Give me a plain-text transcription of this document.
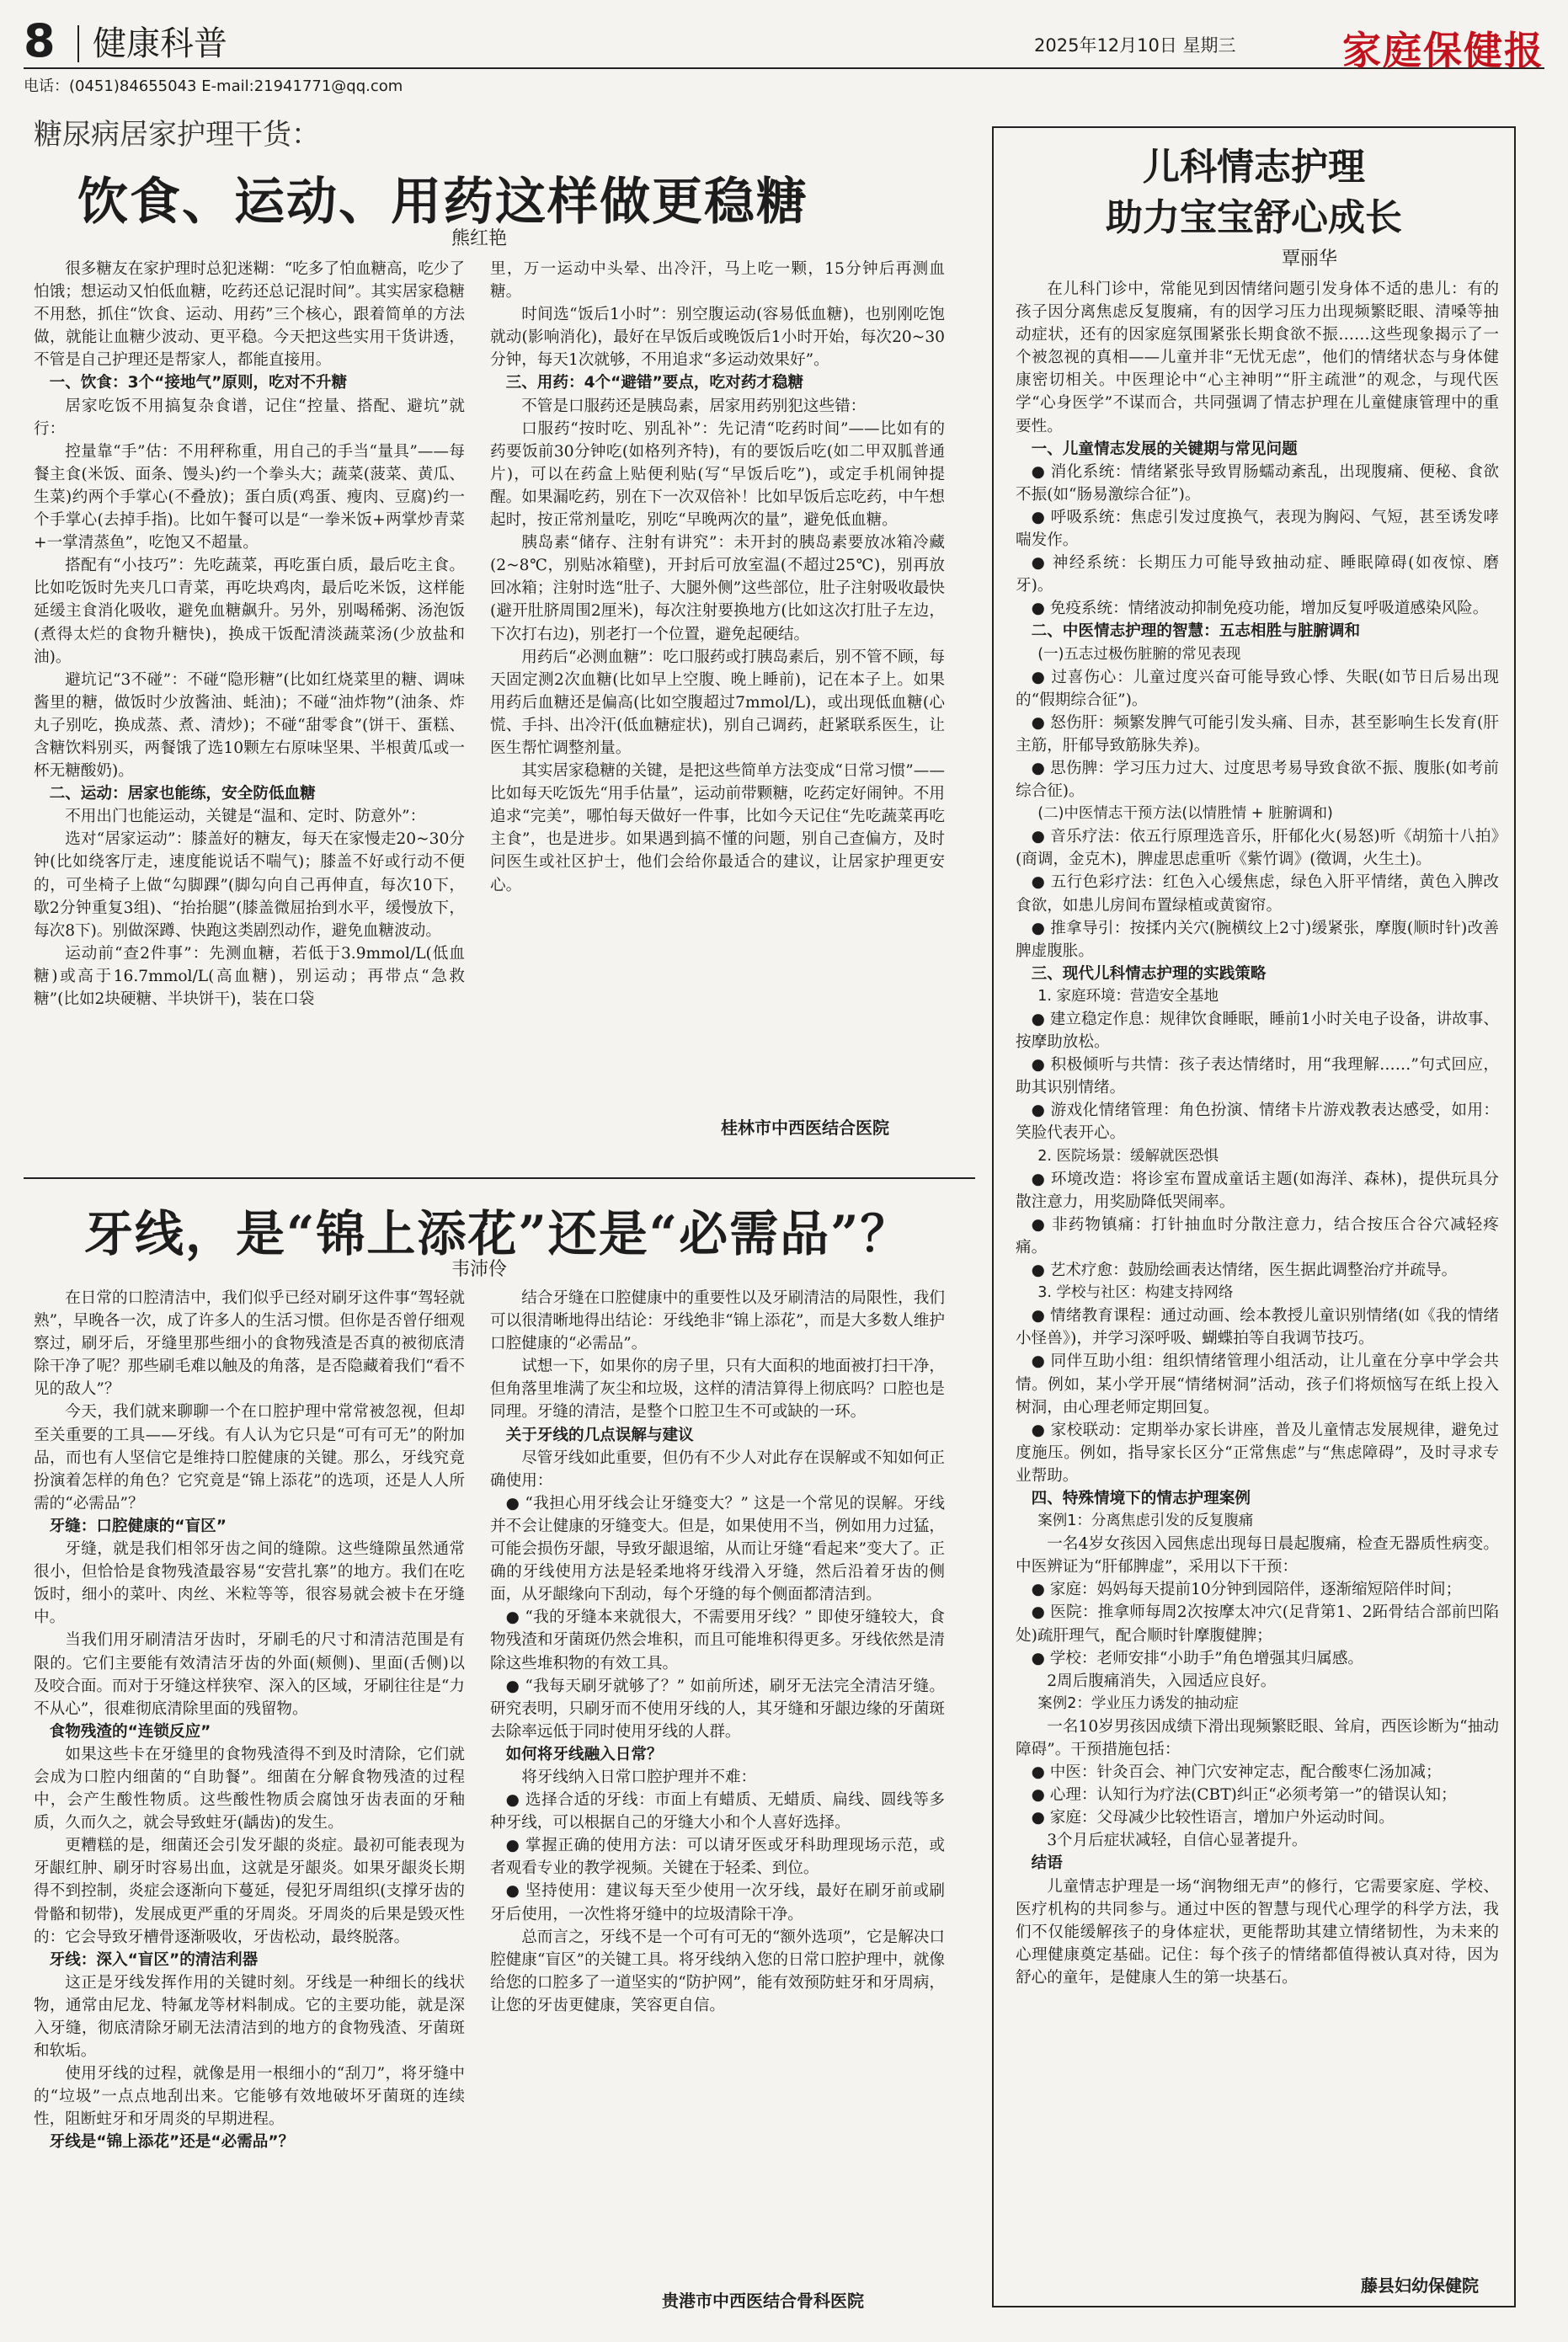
8	健康科普	2025年12月10日 星期三	家庭保健报
电话：(0451)84655043 E-mail:21941771@qq.com
糖尿病居家护理干货：
饮食、运动、用药这样做更稳糖
熊红艳

很多糖友在家护理时总犯迷糊：“吃多了怕血糖高，吃少了怕饿；想运动又怕低血糖，吃药还总记混时间”。其实居家稳糖不用愁，抓住“饮食、运动、用药”三个核心，跟着简单的方法做，就能让血糖少波动、更平稳。今天把这些实用干货讲透，不管是自己护理还是帮家人，都能直接用。

一、饮食：3个“接地气”原则，吃对不升糖

居家吃饭不用搞复杂食谱，记住“控量、搭配、避坑”就行：

控量靠“手”估：不用秤称重，用自己的手当“量具”——每餐主食(米饭、面条、馒头)约一个拳头大；蔬菜(菠菜、黄瓜、生菜)约两个手掌心(不叠放)；蛋白质(鸡蛋、瘦肉、豆腐)约一个手掌心(去掉手指)。比如午餐可以是“一拳米饭+两掌炒青菜+一掌清蒸鱼”，吃饱又不超量。

搭配有“小技巧”：先吃蔬菜，再吃蛋白质，最后吃主食。比如吃饭时先夹几口青菜，再吃块鸡肉，最后吃米饭，这样能延缓主食消化吸收，避免血糖飙升。另外，别喝稀粥、汤泡饭(煮得太烂的食物升糖快)，换成干饭配清淡蔬菜汤(少放盐和油)。

避坑记“3不碰”：不碰“隐形糖”(比如红烧菜里的糖、调味酱里的糖，做饭时少放酱油、蚝油)；不碰“油炸物”(油条、炸丸子别吃，换成蒸、煮、清炒)；不碰“甜零食”(饼干、蛋糕、含糖饮料别买，两餐饿了选10颗左右原味坚果、半根黄瓜或一杯无糖酸奶)。

二、运动：居家也能练，安全防低血糖

不用出门也能运动，关键是“温和、定时、防意外”：

选对“居家运动”：膝盖好的糖友，每天在家慢走20~30分钟(比如绕客厅走，速度能说话不喘气)；膝盖不好或行动不便的，可坐椅子上做“勾脚踝”(脚勾向自己再伸直，每次10下，歇2分钟重复3组)、“抬抬腿”(膝盖微屈抬到水平，缓慢放下，每次8下)。别做深蹲、快跑这类剧烈动作，避免血糖波动。

运动前“查2件事”：先测血糖，若低于3.9mmol/L(低血糖)或高于16.7mmol/L(高血糖)，别运动；再带点“急救糖”(比如2块硬糖、半块饼干)，装在口袋

里，万一运动中头晕、出冷汗，马上吃一颗，15分钟后再测血糖。

时间选“饭后1小时”：别空腹运动(容易低血糖)，也别刚吃饱就动(影响消化)，最好在早饭后或晚饭后1小时开始，每次20~30分钟，每天1次就够，不用追求“多运动效果好”。

三、用药：4个“避错”要点，吃对药才稳糖

不管是口服药还是胰岛素，居家用药别犯这些错：

口服药“按时吃、别乱补”：先记清“吃药时间”——比如有的药要饭前30分钟吃(如格列齐特)，有的要饭后吃(如二甲双胍普通片)，可以在药盒上贴便利贴(写“早饭后吃”)，或定手机闹钟提醒。如果漏吃药，别在下一次双倍补！比如早饭后忘吃药，中午想起时，按正常剂量吃，别吃“早晚两次的量”，避免低血糖。

胰岛素“储存、注射有讲究”：未开封的胰岛素要放冰箱冷藏(2~8℃，别贴冰箱壁)，开封后可放室温(不超过25℃)，别再放回冰箱；注射时选“肚子、大腿外侧”这些部位，肚子注射吸收最快(避开肚脐周围2厘米)，每次注射要换地方(比如这次打肚子左边，下次打右边)，别老打一个位置，避免起硬结。

用药后“必测血糖”：吃口服药或打胰岛素后，别不管不顾，每天固定测2次血糖(比如早上空腹、晚上睡前)，记在本子上。如果用药后血糖还是偏高(比如空腹超过7mmol/L)，或出现低血糖(心慌、手抖、出冷汗(低血糖症状)，别自己调药，赶紧联系医生，让医生帮忙调整剂量。

其实居家稳糖的关键，是把这些简单方法变成“日常习惯”——比如每天吃饭先“用手估量”，运动前带颗糖，吃药定好闹钟。不用追求“完美”，哪怕每天做好一件事，比如今天记住“先吃蔬菜再吃主食”，也是进步。如果遇到搞不懂的问题，别自己查偏方，及时问医生或社区护士，他们会给你最适合的建议，让居家护理更安心。

桂林市中西医结合医院
牙线，是“锦上添花”还是“必需品”？
韦沛伶

在日常的口腔清洁中，我们似乎已经对刷牙这件事“驾轻就熟”，早晚各一次，成了许多人的生活习惯。但你是否曾仔细观察过，刷牙后，牙缝里那些细小的食物残渣是否真的被彻底清除干净了呢？那些刷毛难以触及的角落，是否隐藏着我们“看不见的敌人”？

今天，我们就来聊聊一个在口腔护理中常常被忽视，但却至关重要的工具——牙线。有人认为它只是“可有可无”的附加品，而也有人坚信它是维持口腔健康的关键。那么，牙线究竟扮演着怎样的角色？它究竟是“锦上添花”的选项，还是人人所需的“必需品”？

牙缝：口腔健康的“盲区”

牙缝，就是我们相邻牙齿之间的缝隙。这些缝隙虽然通常很小，但恰恰是食物残渣最容易“安营扎寨”的地方。我们在吃饭时，细小的菜叶、肉丝、米粒等等，很容易就会被卡在牙缝中。

当我们用牙刷清洁牙齿时，牙刷毛的尺寸和清洁范围是有限的。它们主要能有效清洁牙齿的外面(颊侧)、里面(舌侧)以及咬合面。而对于牙缝这样狭窄、深入的区域，牙刷往往是“力不从心”，很难彻底清除里面的残留物。

食物残渣的“连锁反应”

如果这些卡在牙缝里的食物残渣得不到及时清除，它们就会成为口腔内细菌的“自助餐”。细菌在分解食物残渣的过程中，会产生酸性物质。这些酸性物质会腐蚀牙齿表面的牙釉质，久而久之，就会导致蛀牙(龋齿)的发生。

更糟糕的是，细菌还会引发牙龈的炎症。最初可能表现为牙龈红肿、刷牙时容易出血，这就是牙龈炎。如果牙龈炎长期得不到控制，炎症会逐渐向下蔓延，侵犯牙周组织(支撑牙齿的骨骼和韧带)，发展成更严重的牙周炎。牙周炎的后果是毁灭性的：它会导致牙槽骨逐渐吸收，牙齿松动，最终脱落。

牙线：深入“盲区”的清洁利器

这正是牙线发挥作用的关键时刻。牙线是一种细长的线状物，通常由尼龙、特氟龙等材料制成。它的主要功能，就是深入牙缝，彻底清除牙刷无法清洁到的地方的食物残渣、牙菌斑和软垢。

使用牙线的过程，就像是用一根细小的“刮刀”，将牙缝中的“垃圾”一点点地刮出来。它能够有效地破坏牙菌斑的连续性，阻断蛀牙和牙周炎的早期进程。

牙线是“锦上添花”还是“必需品”？

结合牙缝在口腔健康中的重要性以及牙刷清洁的局限性，我们可以很清晰地得出结论：牙线绝非“锦上添花”，而是大多数人维护口腔健康的“必需品”。

试想一下，如果你的房子里，只有大面积的地面被打扫干净，但角落里堆满了灰尘和垃圾，这样的清洁算得上彻底吗？口腔也是同理。牙缝的清洁，是整个口腔卫生不可或缺的一环。

关于牙线的几点误解与建议

尽管牙线如此重要，但仍有不少人对此存在误解或不知如何正确使用：

● “我担心用牙线会让牙缝变大？” 这是一个常见的误解。牙线并不会让健康的牙缝变大。但是，如果使用不当，例如用力过猛，可能会损伤牙龈，导致牙龈退缩，从而让牙缝“看起来”变大了。正确的牙线使用方法是轻柔地将牙线滑入牙缝，然后沿着牙齿的侧面，从牙龈缘向下刮动，每个牙缝的每个侧面都清洁到。
● “我的牙缝本来就很大，不需要用牙线？” 即使牙缝较大，食物残渣和牙菌斑仍然会堆积，而且可能堆积得更多。牙线依然是清除这些堆积物的有效工具。
● “我每天刷牙就够了？” 如前所述，刷牙无法完全清洁牙缝。研究表明，只刷牙而不使用牙线的人，其牙缝和牙龈边缘的牙菌斑去除率远低于同时使用牙线的人群。
如何将牙线融入日常？

将牙线纳入日常口腔护理并不难：

● 选择合适的牙线：市面上有蜡质、无蜡质、扁线、圆线等多种牙线，可以根据自己的牙缝大小和个人喜好选择。
● 掌握正确的使用方法：可以请牙医或牙科助理现场示范，或者观看专业的教学视频。关键在于轻柔、到位。
● 坚持使用：建议每天至少使用一次牙线，最好在刷牙前或刷牙后使用，一次性将牙缝中的垃圾清除干净。

总而言之，牙线不是一个可有可无的“额外选项”，它是解决口腔健康“盲区”的关键工具。将牙线纳入您的日常口腔护理中，就像给您的口腔多了一道坚实的“防护网”，能有效预防蛀牙和牙周病，让您的牙齿更健康，笑容更自信。

贵港市中西医结合骨科医院
儿科情志护理
助力宝宝舒心成长
覃丽华

在儿科门诊中，常能见到因情绪问题引发身体不适的患儿：有的孩子因分离焦虑反复腹痛，有的因学习压力出现频繁眨眼、清嗓等抽动症状，还有的因家庭氛围紧张长期食欲不振……这些现象揭示了一个被忽视的真相——儿童并非“无忧无虑”，他们的情绪状态与身体健康密切相关。中医理论中“心主神明”“肝主疏泄”的观念，与现代医学“心身医学”不谋而合，共同强调了情志护理在儿童健康管理中的重要性。

一、儿童情志发展的关键期与常见问题
● 消化系统：情绪紧张导致胃肠蠕动紊乱，出现腹痛、便秘、食欲不振(如“肠易激综合征”)。
● 呼吸系统：焦虑引发过度换气，表现为胸闷、气短，甚至诱发哮喘发作。
● 神经系统：长期压力可能导致抽动症、睡眠障碍(如夜惊、磨牙)。
● 免疫系统：情绪波动抑制免疫功能，增加反复呼吸道感染风险。
二、中医情志护理的智慧：五志相胜与脏腑调和
(一)五志过极伤脏腑的常见表现
● 过喜伤心：儿童过度兴奋可能导致心悸、失眠(如节日后易出现的“假期综合征”)。
● 怒伤肝：频繁发脾气可能引发头痛、目赤，甚至影响生长发育(肝主筋，肝郁导致筋脉失养)。
● 思伤脾：学习压力过大、过度思考易导致食欲不振、腹胀(如考前综合征)。
(二)中医情志干预方法(以情胜情 + 脏腑调和)
● 音乐疗法：依五行原理选音乐，肝郁化火(易怒)听《胡笳十八拍》(商调，金克木)，脾虚思虑重听《紫竹调》(徵调，火生土)。
● 五行色彩疗法：红色入心缓焦虑，绿色入肝平情绪，黄色入脾改食欲，如患儿房间布置绿植或黄窗帘。
● 推拿导引：按揉内关穴(腕横纹上2寸)缓紧张，摩腹(顺时针)改善脾虚腹胀。
三、现代儿科情志护理的实践策略
1. 家庭环境：营造安全基地
● 建立稳定作息：规律饮食睡眠，睡前1小时关电子设备，讲故事、按摩助放松。
● 积极倾听与共情：孩子表达情绪时，用“我理解……”句式回应，助其识别情绪。
● 游戏化情绪管理：角色扮演、情绪卡片游戏教表达感受，如用：笑脸代表开心。
2. 医院场景：缓解就医恐惧
● 环境改造：将诊室布置成童话主题(如海洋、森林)，提供玩具分散注意力，用奖励降低哭闹率。
● 非药物镇痛：打针抽血时分散注意力，结合按压合谷穴减轻疼痛。
● 艺术疗愈：鼓励绘画表达情绪，医生据此调整治疗并疏导。
3. 学校与社区：构建支持网络
● 情绪教育课程：通过动画、绘本教授儿童识别情绪(如《我的情绪小怪兽》)，并学习深呼吸、蝴蝶拍等自我调节技巧。
● 同伴互助小组：组织情绪管理小组活动，让儿童在分享中学会共情。例如，某小学开展“情绪树洞”活动，孩子们将烦恼写在纸上投入树洞，由心理老师定期回复。
● 家校联动：定期举办家长讲座，普及儿童情志发展规律，避免过度施压。例如，指导家长区分“正常焦虑”与“焦虑障碍”，及时寻求专业帮助。
四、特殊情境下的情志护理案例
案例1：分离焦虑引发的反复腹痛

一名4岁女孩因入园焦虑出现每日晨起腹痛，检查无器质性病变。中医辨证为“肝郁脾虚”，采用以下干预：

● 家庭：妈妈每天提前10分钟到园陪伴，逐渐缩短陪伴时间；
● 医院：推拿师每周2次按摩太冲穴(足背第1、2跖骨结合部前凹陷处)疏肝理气，配合顺时针摩腹健脾；
● 学校：老师安排“小助手”角色增强其归属感。

2周后腹痛消失，入园适应良好。

案例2：学业压力诱发的抽动症

一名10岁男孩因成绩下滑出现频繁眨眼、耸肩，西医诊断为“抽动障碍”。干预措施包括：

● 中医：针灸百会、神门穴安神定志，配合酸枣仁汤加减；
● 心理：认知行为疗法(CBT)纠正“必须考第一”的错误认知；
● 家庭：父母减少比较性语言，增加户外运动时间。

3个月后症状减轻，自信心显著提升。

结语

儿童情志护理是一场“润物细无声”的修行，它需要家庭、学校、医疗机构的共同参与。通过中医的智慧与现代心理学的科学方法，我们不仅能缓解孩子的身体症状，更能帮助其建立情绪韧性，为未来的心理健康奠定基础。记住：每个孩子的情绪都值得被认真对待，因为舒心的童年，是健康人生的第一块基石。

藤县妇幼保健院
